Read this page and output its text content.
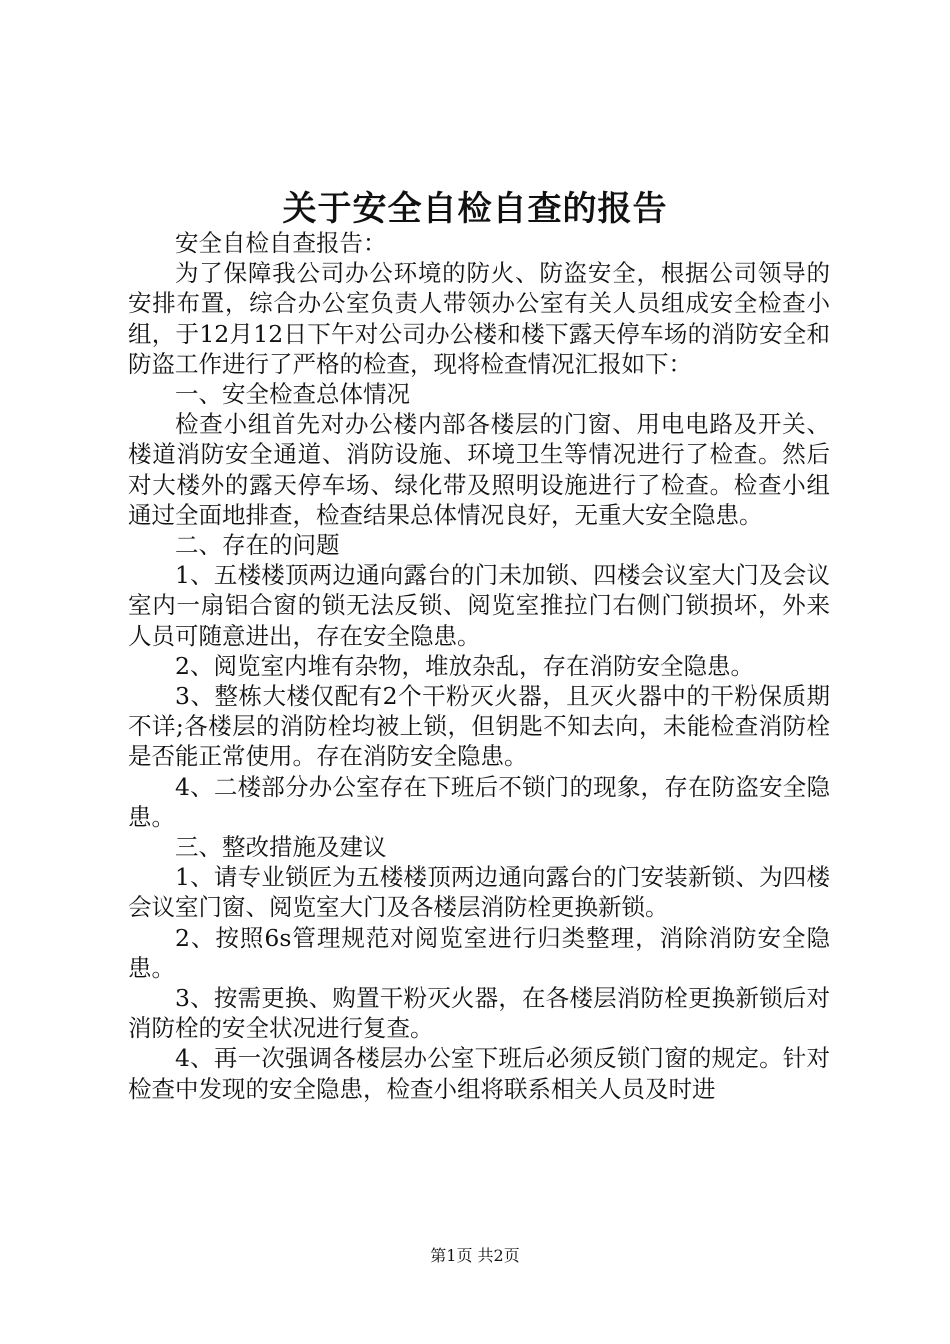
关于安全自检自查的报告

安全自检自查报告：

为了保障我公司办公环境的防火、防盗安全，根据公司领导的安排布置，综合办公室负责人带领办公室有关人员组成安全检查小组，于12月12日下午对公司办公楼和楼下露天停车场的消防安全和防盗工作进行了严格的检查，现将检查情况汇报如下：

一、安全检查总体情况

检查小组首先对办公楼内部各楼层的门窗、用电电路及开关、楼道消防安全通道、消防设施、环境卫生等情况进行了检查。然后对大楼外的露天停车场、绿化带及照明设施进行了检查。检查小组通过全面地排查，检查结果总体情况良好，无重大安全隐患。

二、存在的问题

1、五楼楼顶两边通向露台的门未加锁、四楼会议室大门及会议室内一扇铝合窗的锁无法反锁、阅览室推拉门右侧门锁损坏，外来人员可随意进出，存在安全隐患。

2、阅览室内堆有杂物，堆放杂乱，存在消防安全隐患。

3、整栋大楼仅配有2个干粉灭火器，且灭火器中的干粉保质期不详;各楼层的消防栓均被上锁，但钥匙不知去向，未能检查消防栓是否能正常使用。存在消防安全隐患。

4、二楼部分办公室存在下班后不锁门的现象，存在防盗安全隐患。

三、整改措施及建议

1、请专业锁匠为五楼楼顶两边通向露台的门安装新锁、为四楼会议室门窗、阅览室大门及各楼层消防栓更换新锁。

2、按照6s管理规范对阅览室进行归类整理，消除消防安全隐患。

3、按需更换、购置干粉灭火器，在各楼层消防栓更换新锁后对消防栓的安全状况进行复查。

4、再一次强调各楼层办公室下班后必须反锁门窗的规定。针对检查中发现的安全隐患，检查小组将联系相关人员及时进

第1页 共2页
